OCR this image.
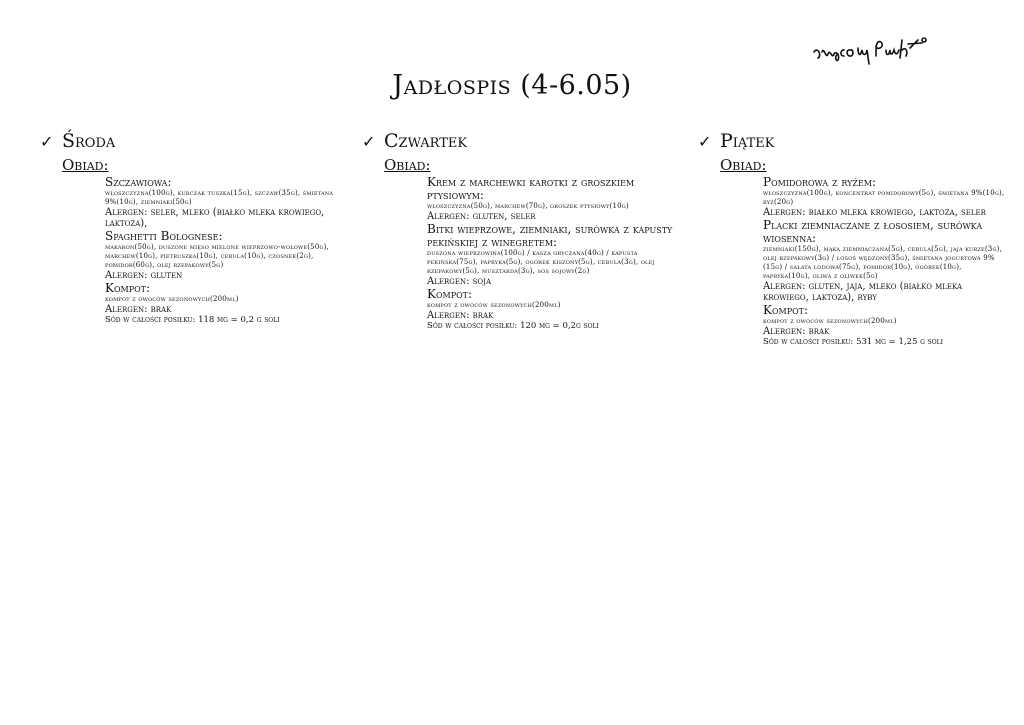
Jadłospis (4-6.05)
✓ Środa
Obiad:
Szczawiowa:
włoszczyzna(100g), kurczak tuszka(15g), szczaw(35g), śmietana 9%(10g), ziemniaki(50g)
Alergen: seler, mleko (białko mleka krowiego, laktoza),
Spaghetti Bolognese:
makaron(50g), duszone mięso mielone wieprzowo-wołowe(50g), marchew(10g), pietruszka(10g), cebula(10g), czosnek(2g), pomidor(60g), olej rzepakowy(5g)
Alergen: gluten
Kompot:
kompot z owoców sezonowych(200ml)
Alergen: brak
Sód w całości posiłku: 118 mg = 0,2 g soli
✓ Czwartek
Obiad:
Krem z marchewki karotki z groszkiem ptysiowym:
włoszczyzna(50g), marchew(70g), groszek ptysiowy(10g)
Alergen: gluten, seler
Bitki wieprzowe, ziemniaki, surówka z kapusty pekińskiej z winegretem:
duszona wieprzowina(100g) / kasza gryczana(40g) / kapusta pekińska(75g), papryka(5g), ogórek kiszony(5g), cebula(3g), olej rzepakowy(5g), musztarda(3g), sos sojowy(2g)
Alergen: soja
Kompot:
kompot z owoców sezonowych(200ml)
Alergen: brak
Sód w całości posiłku: 120 mg = 0,2g soli
✓ Piątek
Obiad:
Pomidorowa z ryżem:
włoszczyzna(100g), koncentrat pomidorowy(5g), śmietana 9%(10g), ryż(20g)
Alergen: białko mleka krowiego, laktoza, seler
Placki ziemniaczane z łososiem, surówka wiosenna:
ziemniaki(150g), mąka ziemniaczana(5g), cebula(5g), jaja kurze(3g), olej rzepakowy(3g) / łosoś wędzony(35g), śmietana jogurtowa 9%(15g) / sałata lodowa(75g), pomidor(10g), ogórek(10g), papryka(10g), oliwa z oliwek(5g)
Alergen: gluten, jaja, mleko (białko mleka krowiego, laktoza), ryby
Kompot:
kompot z owoców sezonowych(200ml)
Alergen: brak
Sód w całości posiłku: 531 mg = 1,25 g soli
